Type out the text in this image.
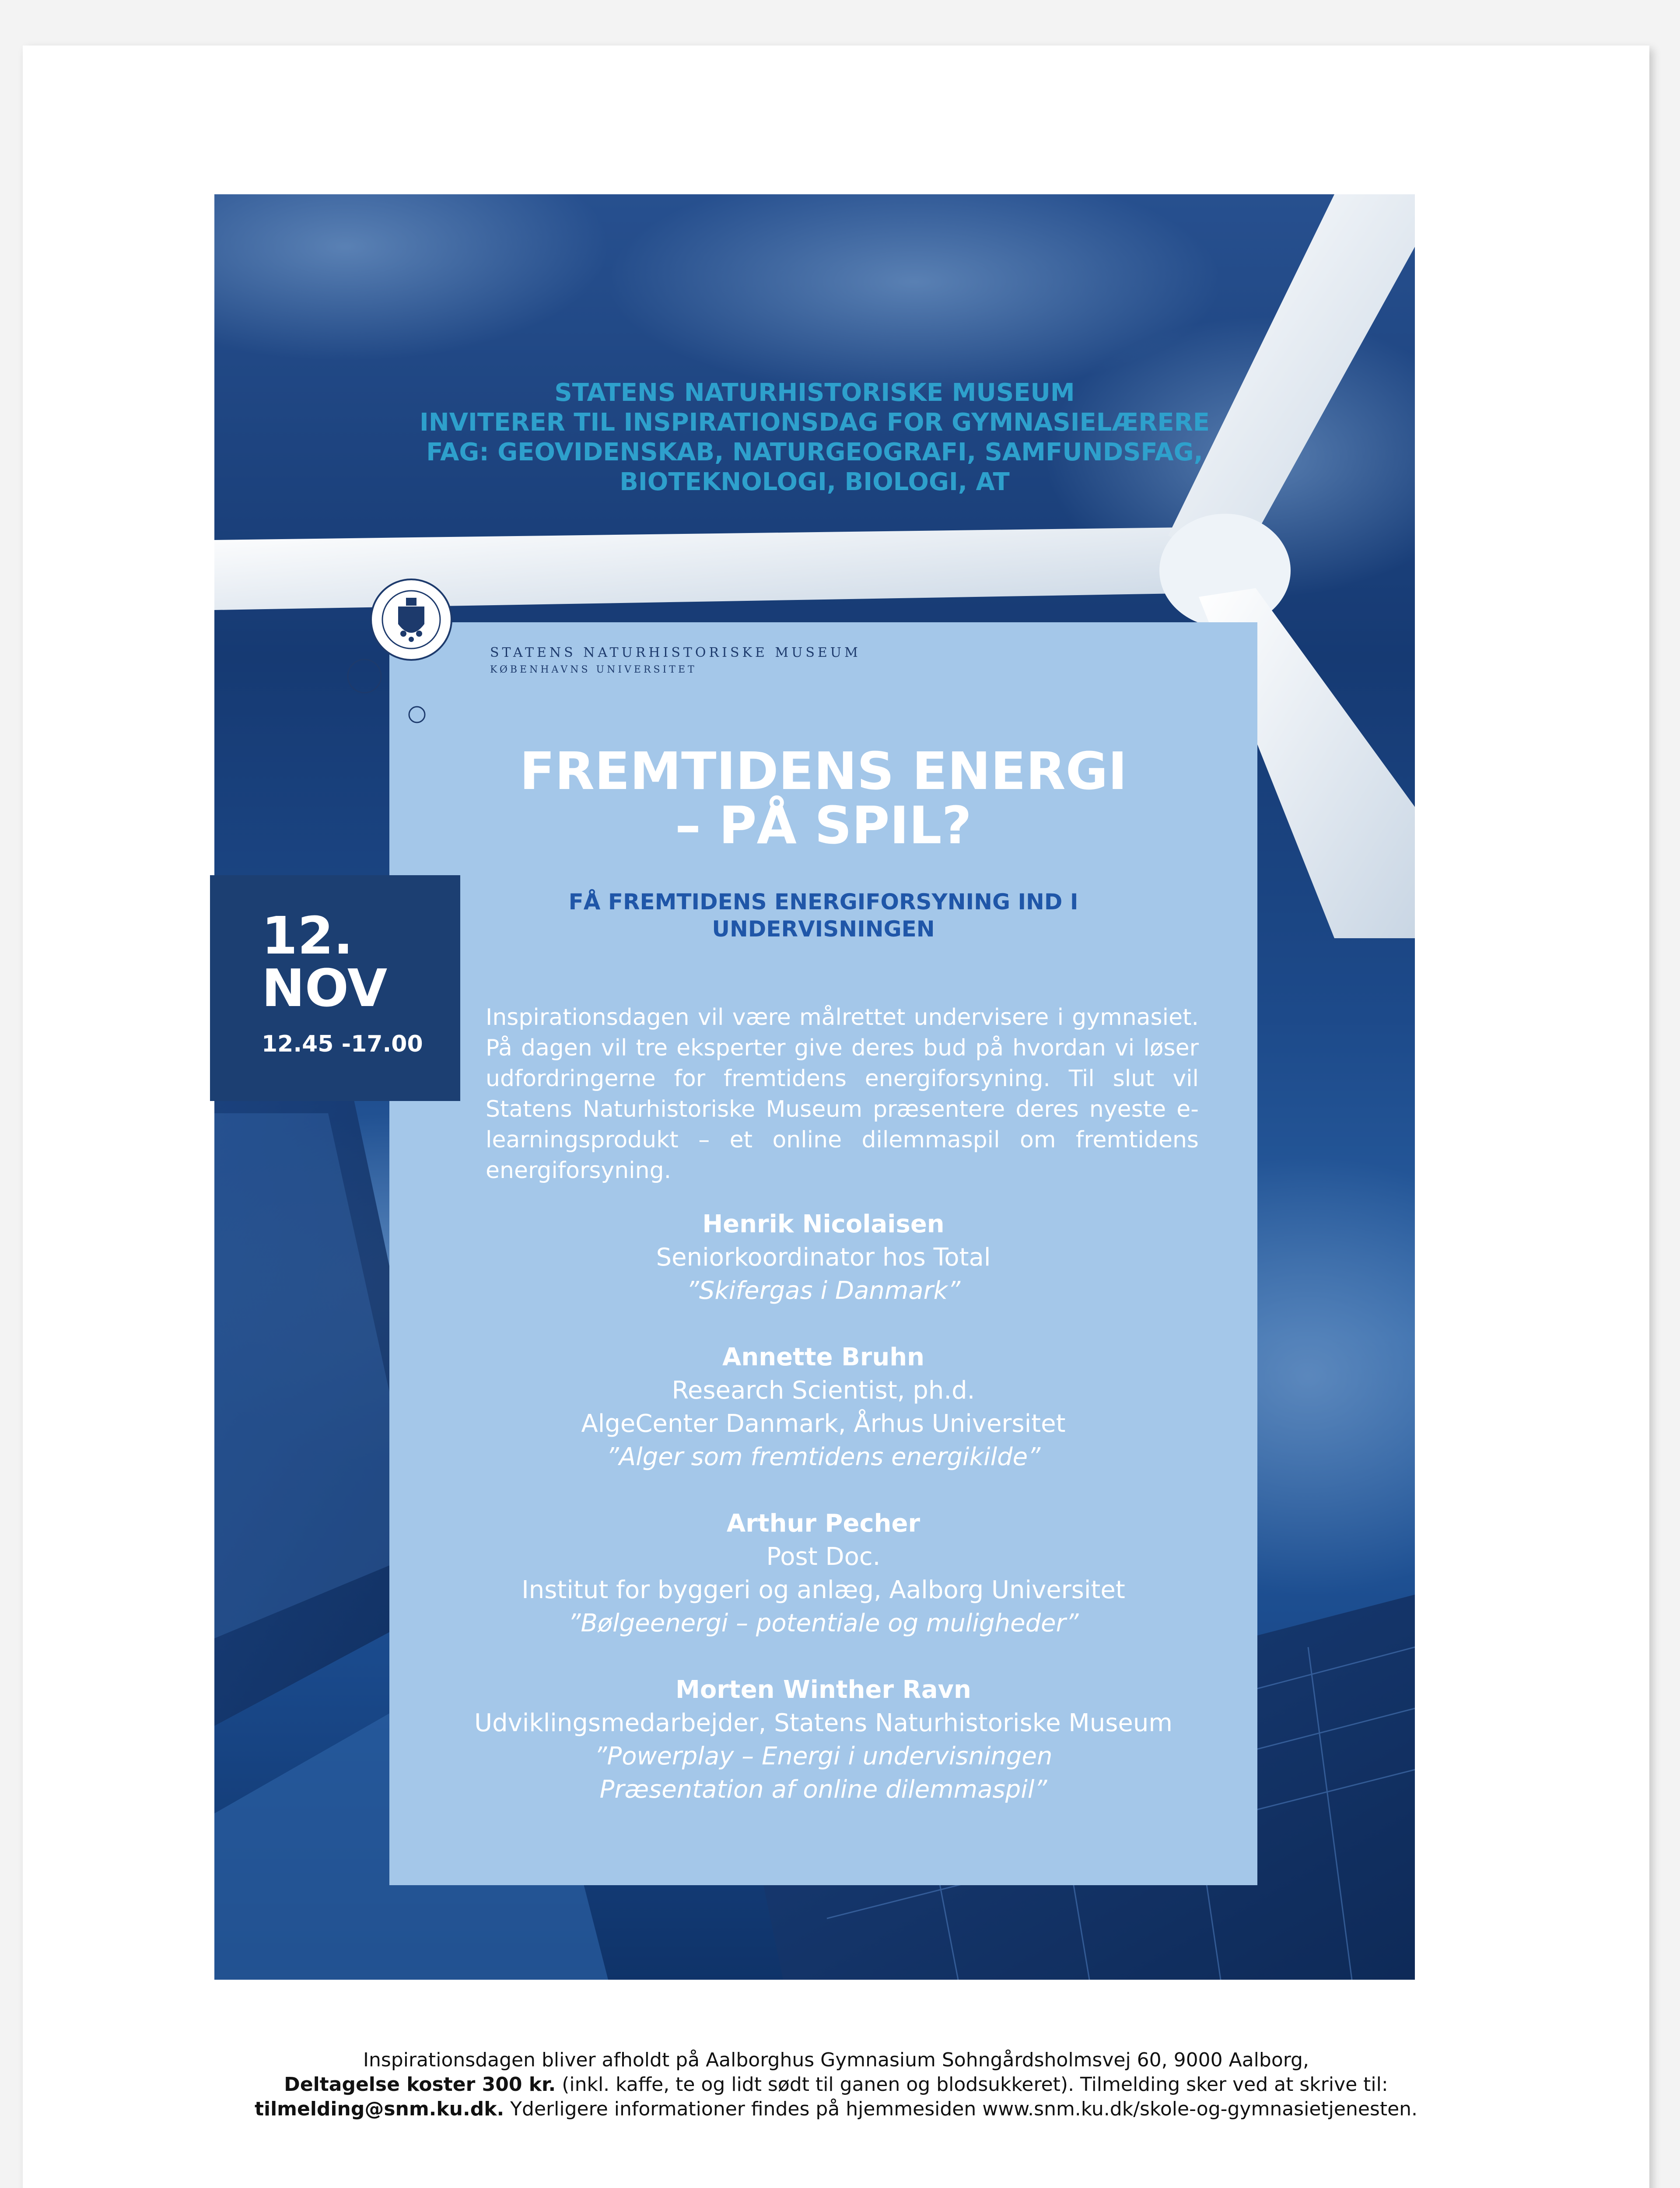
STATENS NATURHISTORISKE MUSEUM
INVITERER TIL INSPIRATIONSDAG FOR GYMNASIELÆRERE
FAG: GEOVIDENSKAB, NATURGEOGRAFI, SAMFUNDSFAG,
BIOTEKNOLOGI, BIOLOGI, AT
STATENS NATURHISTORISKE MUSEUM
KØBENHAVNS UNIVERSITET
FREMTIDENS ENERGI
– PÅ SPIL?
FÅ FREMTIDENS ENERGIFORSYNING IND I
UNDERVISNINGEN
12.
NOV
12.45 -17.00
Inspirationsdagen vil være målrettet undervisere i gymnasiet. På dagen vil tre eksperter give deres bud på hvordan vi løser udfordringerne for fremtidens energiforsyning. Til slut vil Statens Naturhistoriske Museum præsentere deres nyeste e-learningsprodukt – et online dilemmaspil om fremtidens energiforsyning.
Henrik Nicolaisen
Seniorkoordinator hos Total
”Skifergas i Danmark”
Annette Bruhn
Research Scientist, ph.d.
AlgeCenter Danmark, Århus Universitet
”Alger som fremtidens energikilde”
Arthur Pecher
Post Doc.
Institut for byggeri og anlæg, Aalborg Universitet
”Bølgeenergi – potentiale og muligheder”
Morten Winther Ravn
Udviklingsmedarbejder, Statens Naturhistoriske Museum
”Powerplay – Energi i undervisningen
Præsentation af online dilemmaspil”
Inspirationsdagen bliver afholdt på Aalborghus Gymnasium Sohngårdsholmsvej 60, 9000 Aalborg,
Deltagelse koster 300 kr. (inkl. kaffe, te og lidt sødt til ganen og blodsukkeret). Tilmelding sker ved at skrive til:
tilmelding@snm.ku.dk. Yderligere informationer findes på hjemmesiden www.snm.ku.dk/skole-og-gymnasietjenesten.
